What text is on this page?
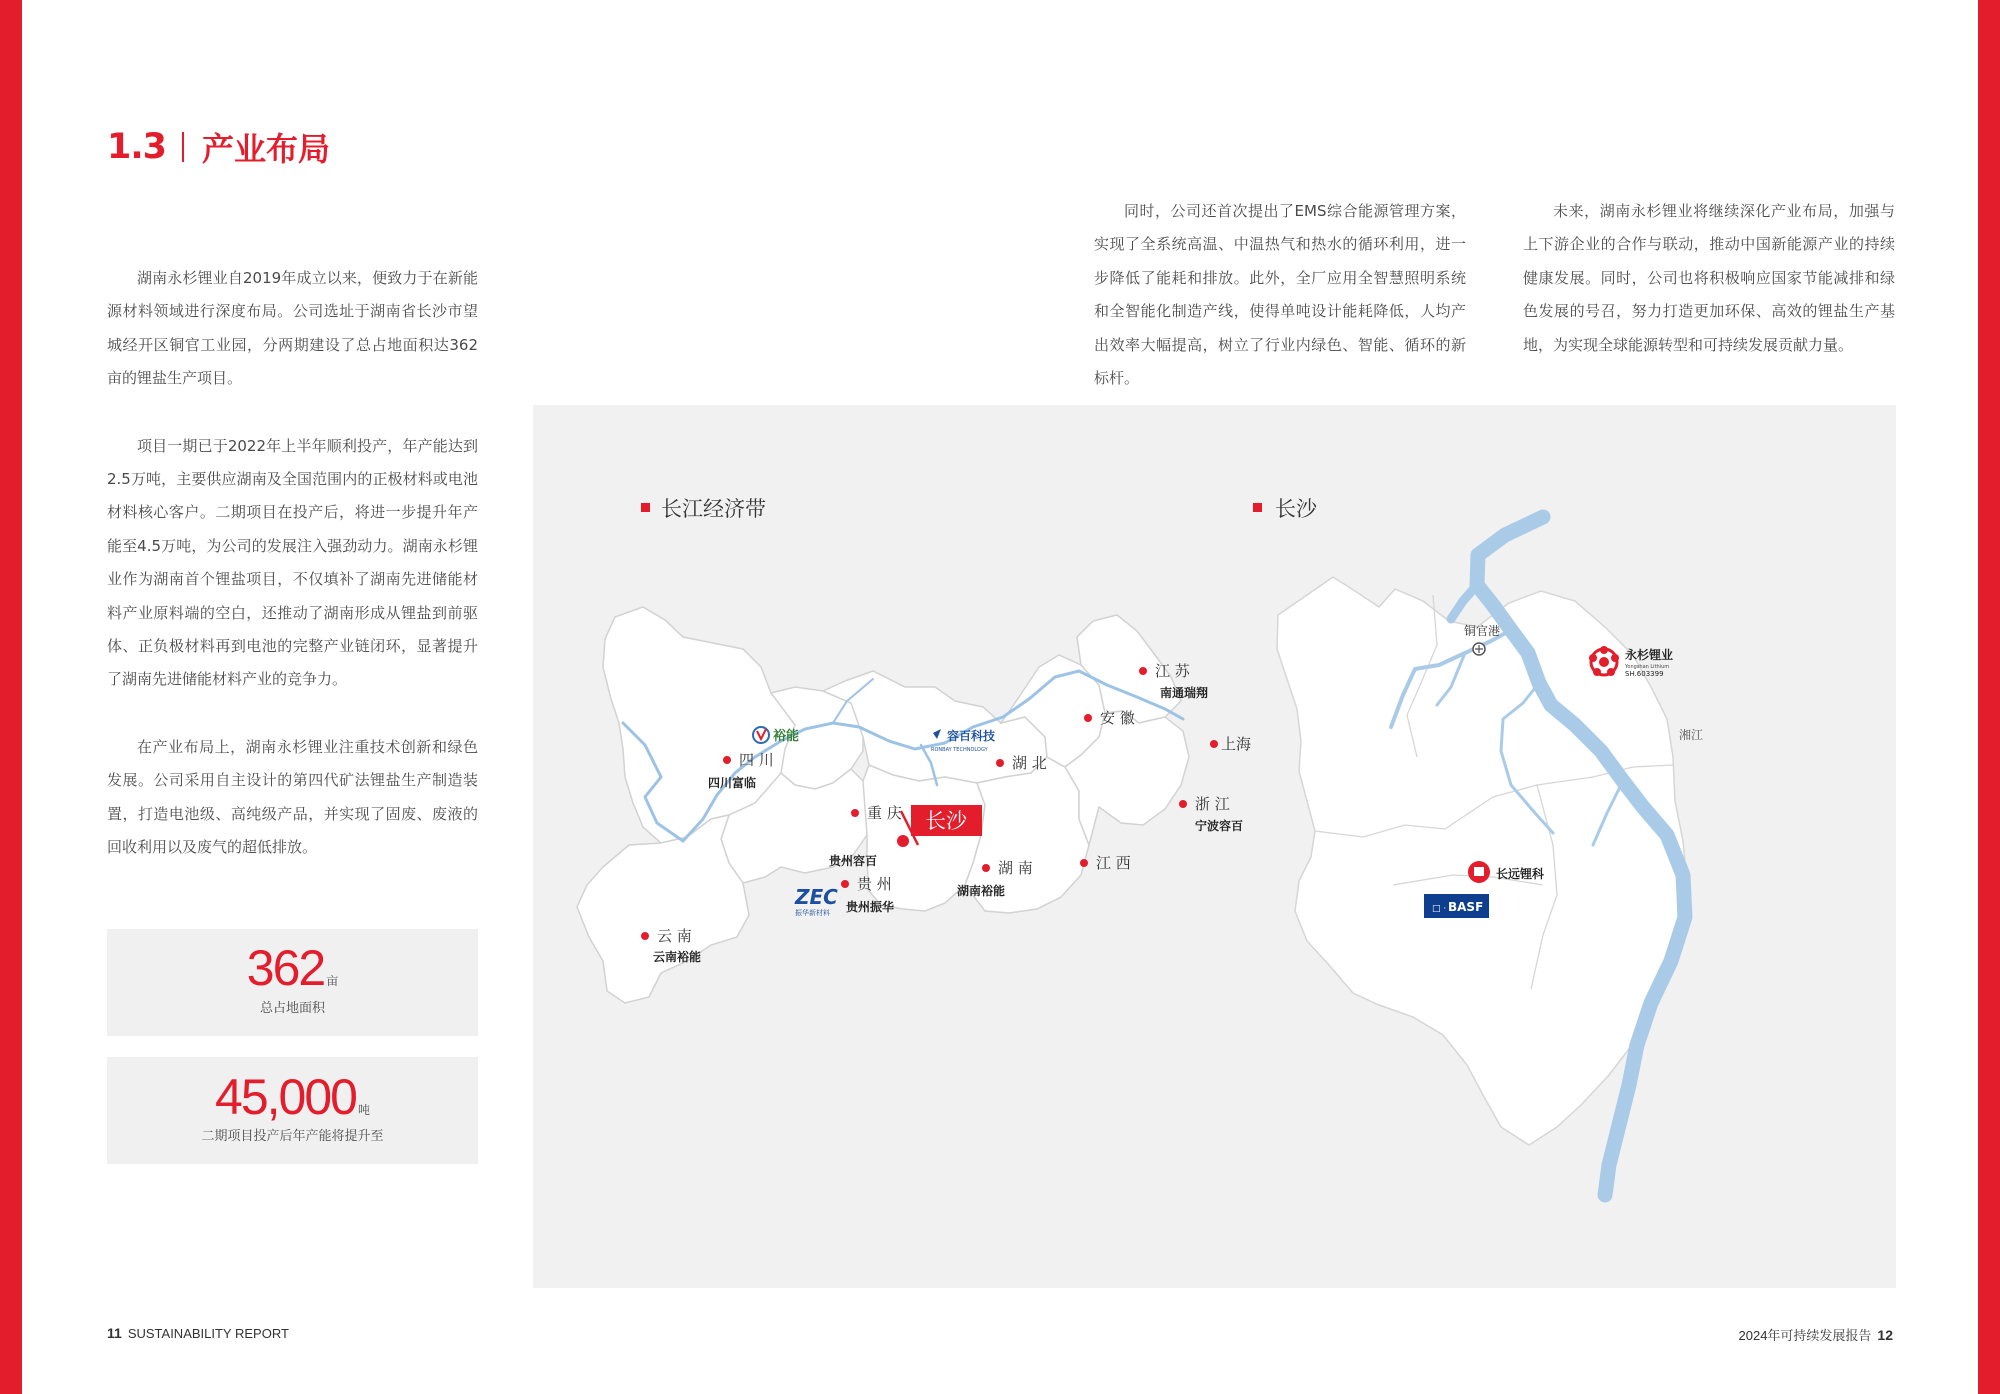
1.3 产业布局

湖南永杉锂业自2019年成立以来，便致力于在新能源材料领域进行深度布局。公司选址于湖南省长沙市望城经开区铜官工业园，分两期建设了总占地面积达362亩的锂盐生产项目。

项目一期已于2022年上半年顺利投产，年产能达到2.5万吨，主要供应湖南及全国范围内的正极材料或电池材料核心客户。二期项目在投产后，将进一步提升年产能至4.5万吨，为公司的发展注入强劲动力。湖南永杉锂业作为湖南首个锂盐项目，不仅填补了湖南先进储能材料产业原料端的空白，还推动了湖南形成从锂盐到前驱体、正负极材料再到电池的完整产业链闭环，显著提升了湖南先进储能材料产业的竞争力。

在产业布局上，湖南永杉锂业注重技术创新和绿色发展。公司采用自主设计的第四代矿法锂盐生产制造装置，打造电池级、高纯级产品，并实现了固废、废液的回收利用以及废气的超低排放。

同时，公司还首次提出了EMS综合能源管理方案，实现了全系统高温、中温热气和热水的循环利用，进一步降低了能耗和排放。此外，全厂应用全智慧照明系统和全智能化制造产线，使得单吨设计能耗降低，人均产出效率大幅提高，树立了行业内绿色、智能、循环的新标杆。

未来，湖南永杉锂业将继续深化产业布局，加强与上下游企业的合作与联动，推动中国新能源产业的持续健康发展。同时，公司也将积极响应国家节能减排和绿色发展的号召，努力打造更加环保、高效的锂盐生产基地，为实现全球能源转型和可持续发展贡献力量。

362 亩
总占地面积
45,000 吨
二期项目投产后年产能将提升至
长江经济带
四 川
四川富临
湖 北
重 庆
贵州容百
贵 州
贵州振华
湖 南
湖南裕能
江 西
安 徽
江 苏
南通瑞翔
上海
浙 江
宁波容百
云 南
云南裕能
裕能	容百科技
RONBAY TECHNOLOGY
ZEC
振华新材料
长沙
长沙
铜官港
湘江
永杉锂业
Yongshan Lithium
SH.603399
长远锂科
□ · BASF
11 SUSTAINABILITY REPORT	2024年可持续发展报告 12
